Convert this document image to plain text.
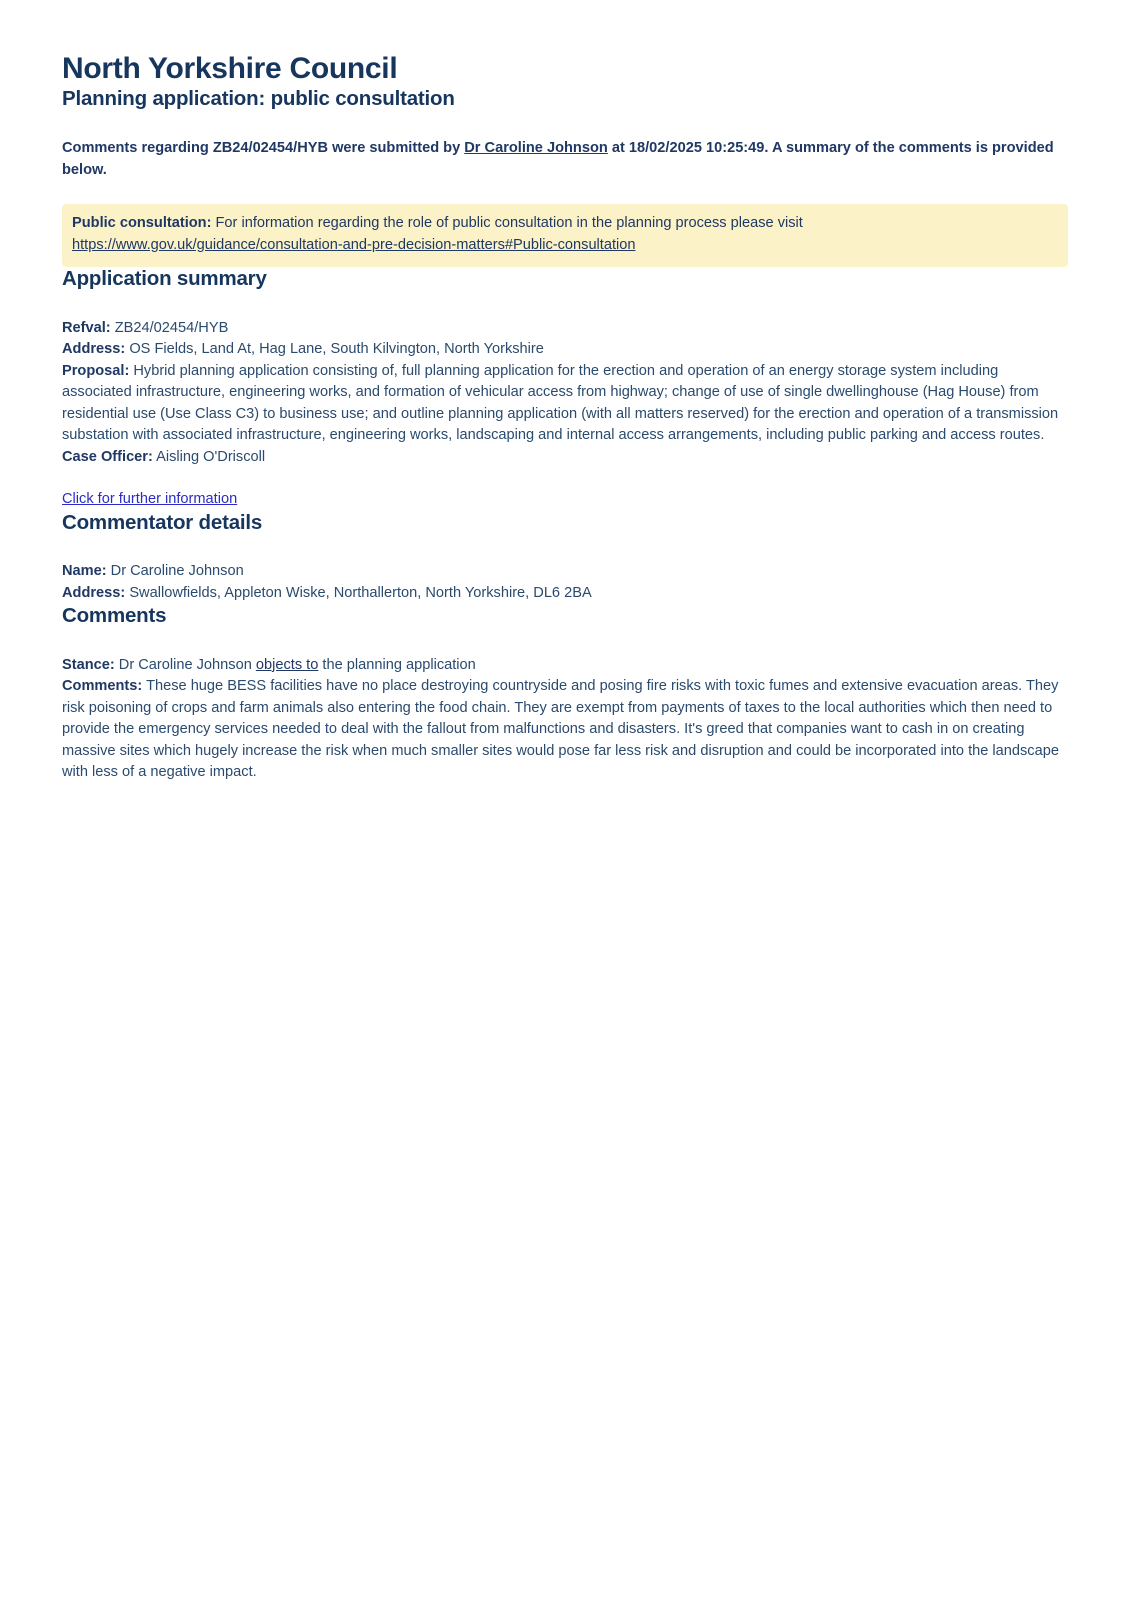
North Yorkshire Council
Planning application: public consultation

Comments regarding ZB24/02454/HYB were submitted by Dr Caroline Johnson at 18/02/2025 10:25:49. A summary of the comments is provided below.

Public consultation: For information regarding the role of public consultation in the planning process please visit
https://www.gov.uk/guidance/consultation-and-pre-decision-matters#Public-consultation

Application summary

Refval: ZB24/02454/HYB

Address: OS Fields, Land At, Hag Lane, South Kilvington, North Yorkshire

Proposal: Hybrid planning application consisting of, full planning application for the erection and operation of an energy storage system including associated infrastructure, engineering works, and formation of vehicular access from highway; change of use of single dwellinghouse (Hag House) from residential use (Use Class C3) to business use; and outline planning application (with all matters reserved) for the erection and operation of a transmission substation with associated infrastructure, engineering works, landscaping and internal access arrangements, including public parking and access routes.

Case Officer: Aisling O'Driscoll

Click for further information

Commentator details

Name: Dr Caroline Johnson

Address: Swallowfields, Appleton Wiske, Northallerton, North Yorkshire, DL6 2BA

Comments

Stance: Dr Caroline Johnson objects to the planning application

Comments: These huge BESS facilities have no place destroying countryside and posing fire risks with toxic fumes and extensive evacuation areas. They risk poisoning of crops and farm animals also entering the food chain. They are exempt from payments of taxes to the local authorities which then need to provide the emergency services needed to deal with the fallout from malfunctions and disasters. It's greed that companies want to cash in on creating massive sites which hugely increase the risk when much smaller sites would pose far less risk and disruption and could be incorporated into the landscape with less of a negative impact.
